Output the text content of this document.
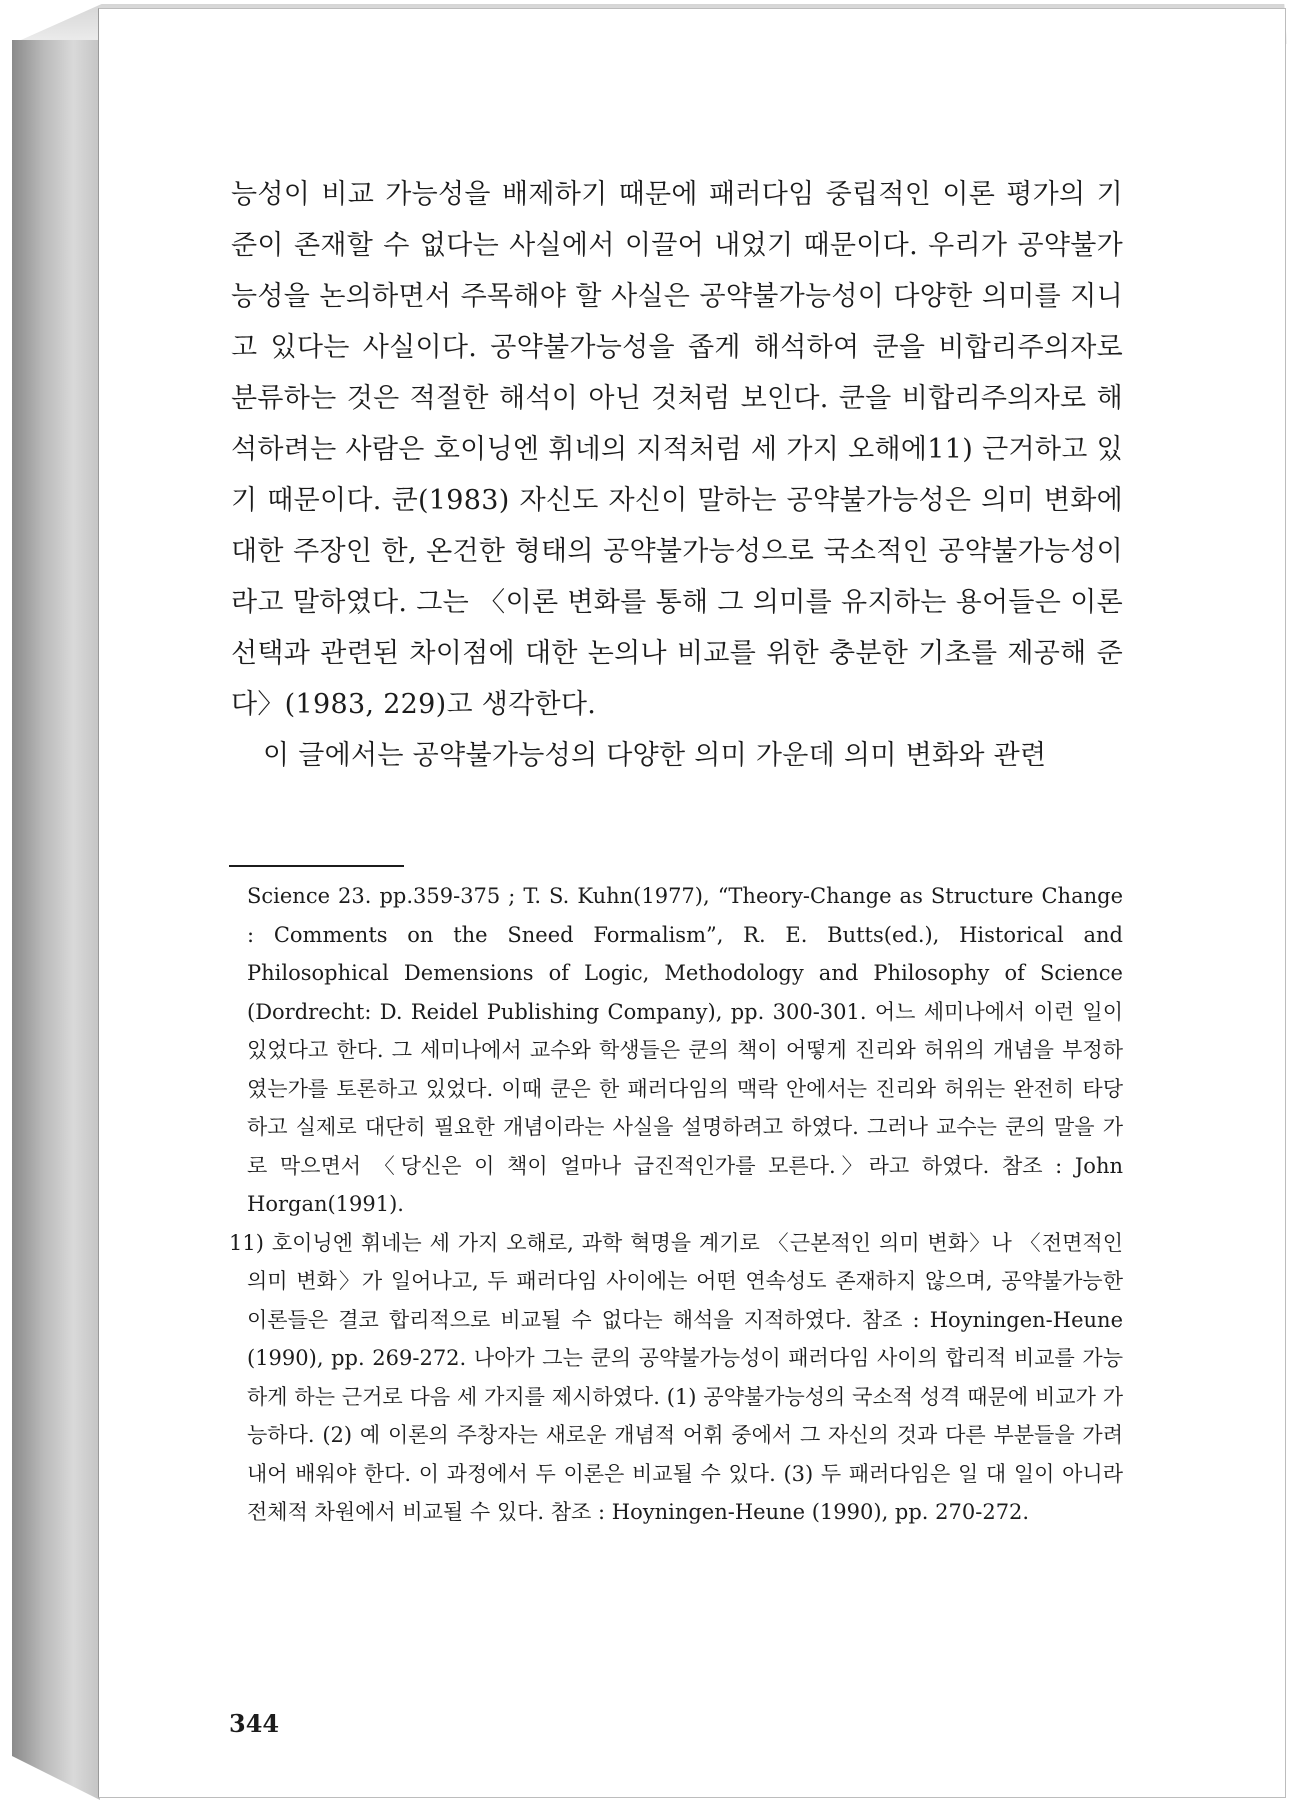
능성이 비교 가능성을 배제하기 때문에 패러다임 중립적인 이론 평가의 기준이 존재할 수 없다는 사실에서 이끌어 내었기 때문이다. 우리가 공약불가능성을 논의하면서 주목해야 할 사실은 공약불가능성이 다양한 의미를 지니고 있다는 사실이다. 공약불가능성을 좁게 해석하여 쿤을 비합리주의자로 분류하는 것은 적절한 해석이 아닌 것처럼 보인다. 쿤을 비합리주의자로 해석하려는 사람은 호이닝엔 휘네의 지적처럼 세 가지 오해에11) 근거하고 있기 때문이다. 쿤(1983) 자신도 자신이 말하는 공약불가능성은 의미 변화에 대한 주장인 한, 온건한 형태의 공약불가능성으로 국소적인 공약불가능성이라고 말하였다. 그는 〈이론 변화를 통해 그 의미를 유지하는 용어들은 이론 선택과 관련된 차이점에 대한 논의나 비교를 위한 충분한 기초를 제공해 준다〉(1983, 229)고 생각한다.

이 글에서는 공약불가능성의 다양한 의미 가운데 의미 변화와 관련

Science 23. pp.359-375 ; T. S. Kuhn(1977), “Theory-Change as Structure Change : Comments on the Sneed Formalism”, R. E. Butts(ed.), Historical and Philosophical Demensions of Logic, Methodology and Philosophy of Science (Dordrecht: D. Reidel Publishing Company), pp. 300-301. 어느 세미나에서 이런 일이 있었다고 한다. 그 세미나에서 교수와 학생들은 쿤의 책이 어떻게 진리와 허위의 개념을 부정하였는가를 토론하고 있었다. 이때 쿤은 한 패러다임의 맥락 안에서는 진리와 허위는 완전히 타당하고 실제로 대단히 필요한 개념이라는 사실을 설명하려고 하였다. 그러나 교수는 쿤의 말을 가로 막으면서 〈당신은 이 책이 얼마나 급진적인가를 모른다.〉라고 하였다. 참조 : John Horgan(1991).

11) 호이닝엔 휘네는 세 가지 오해로, 과학 혁명을 계기로 〈근본적인 의미 변화〉나 〈전면적인 의미 변화〉가 일어나고, 두 패러다임 사이에는 어떤 연속성도 존재하지 않으며, 공약불가능한 이론들은 결코 합리적으로 비교될 수 없다는 해석을 지적하였다. 참조 : Hoyningen-Heune (1990), pp. 269-272. 나아가 그는 쿤의 공약불가능성이 패러다임 사이의 합리적 비교를 가능하게 하는 근거로 다음 세 가지를 제시하였다. (1) 공약불가능성의 국소적 성격 때문에 비교가 가능하다. (2) 예 이론의 주창자는 새로운 개념적 어휘 중에서 그 자신의 것과 다른 부분들을 가려 내어 배워야 한다. 이 과정에서 두 이론은 비교될 수 있다. (3) 두 패러다임은 일 대 일이 아니라 전체적 차원에서 비교될 수 있다. 참조 : Hoyningen-Heune (1990), pp. 270-272.

344
